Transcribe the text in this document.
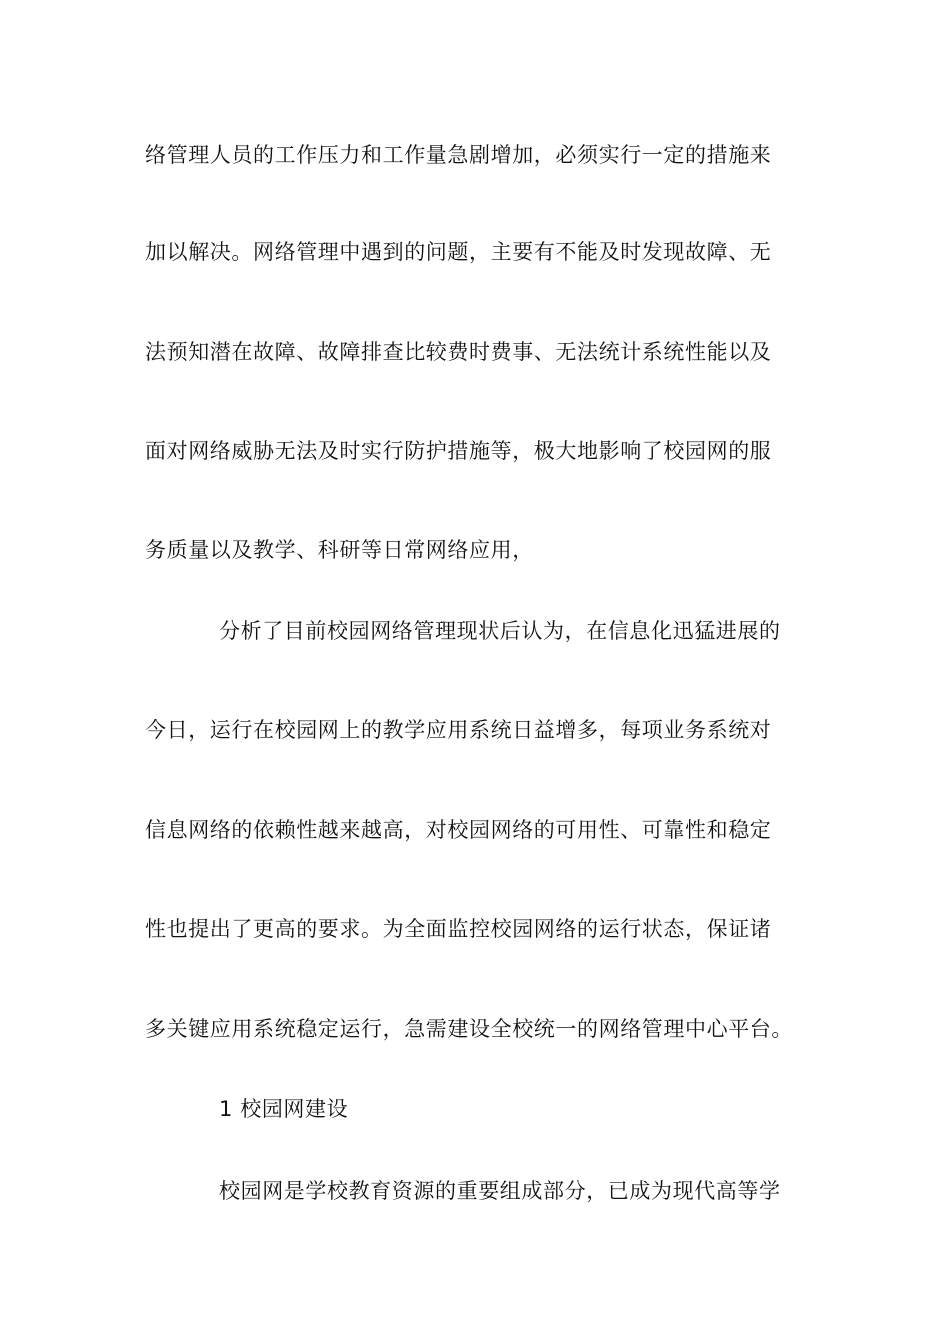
络管理人员的工作压力和工作量急剧增加，必须实行一定的措施来
加以解决。网络管理中遇到的问题，主要有不能及时发现故障、无
法预知潜在故障、故障排查比较费时费事、无法统计系统性能以及
面对网络威胁无法及时实行防护措施等，极大地影响了校园网的服
务质量以及教学、科研等日常网络应用，
分析了目前校园网络管理现状后认为，在信息化迅猛进展的
今日，运行在校园网上的教学应用系统日益增多，每项业务系统对
信息网络的依赖性越来越高，对校园网络的可用性、可靠性和稳定
性也提出了更高的要求。为全面监控校园网络的运行状态，保证诸
多关键应用系统稳定运行，急需建设全校统一的网络管理中心平台。
1 校园网建设
校园网是学校教育资源的重要组成部分，已成为现代高等学
